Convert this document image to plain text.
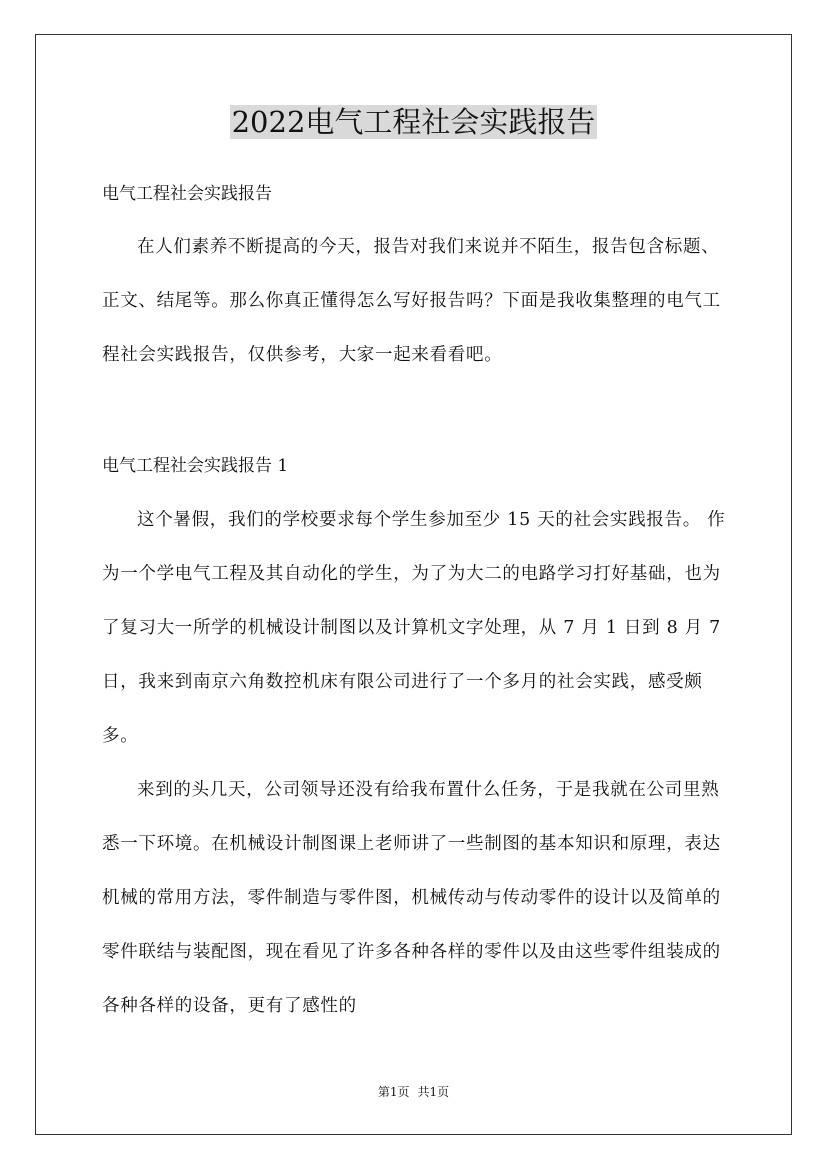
2022电气工程社会实践报告

电气工程社会实践报告

在人们素养不断提高的今天，报告对我们来说并不陌生，报告包含标题、正文、结尾等。那么你真正懂得怎么写好报告吗？下面是我收集整理的电气工程社会实践报告，仅供参考，大家一起来看看吧。

电气工程社会实践报告 1

这个暑假，我们的学校要求每个学生参加至少 15 天的社会实践报告。 作为一个学电气工程及其自动化的学生，为了为大二的电路学习打好基础，也为了复习大一所学的机械设计制图以及计算机文字处理，从 7 月 1 日到 8 月 7 日，我来到南京六角数控机床有限公司进行了一个多月的社会实践，感受颇多。

来到的头几天，公司领导还没有给我布置什么任务，于是我就在公司里熟悉一下环境。在机械设计制图课上老师讲了一些制图的基本知识和原理，表达机械的常用方法，零件制造与零件图，机械传动与传动零件的设计以及简单的零件联结与装配图，现在看见了许多各种各样的零件以及由这些零件组装成的各种各样的设备，更有了感性的

第1页 共1页
